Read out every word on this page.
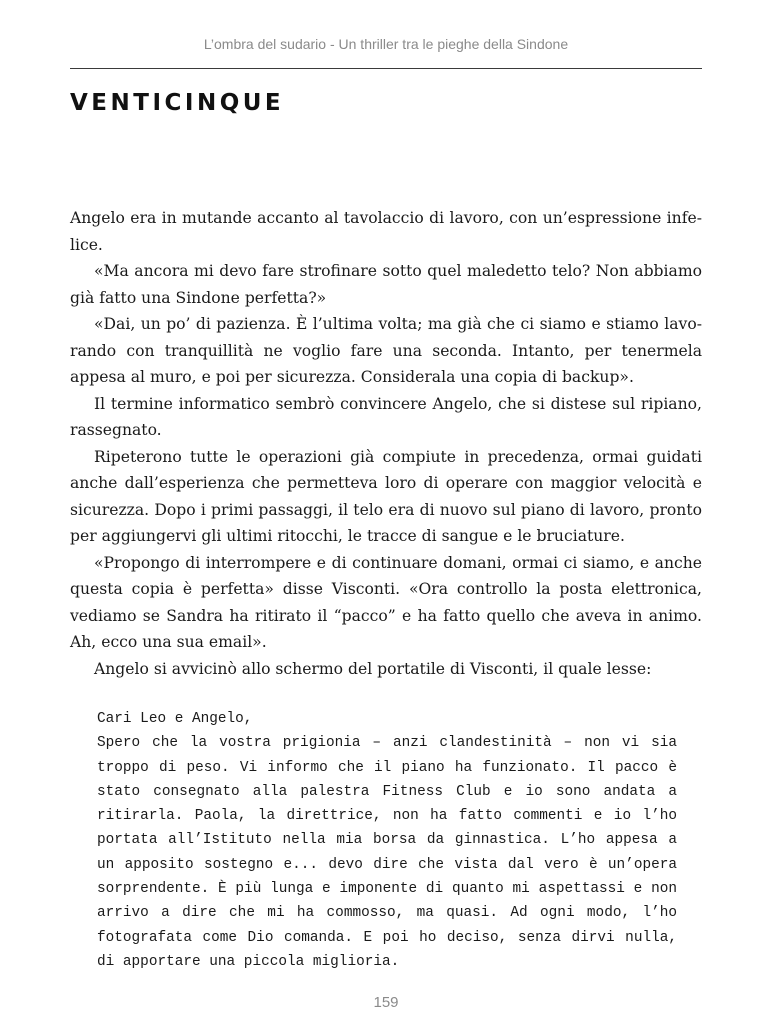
L’ombra del sudario - Un thriller tra le pieghe della Sindone
VENTICINQUE

Angelo era in mutande accanto al tavolaccio di lavoro, con un’espressione infelice.

«Ma ancora mi devo fare strofinare sotto quel maledetto telo? Non abbiamo già fatto una Sindone perfetta?»

«Dai, un po’ di pazienza. È l’ultima volta; ma già che ci siamo e stiamo lavorando con tranquillità ne voglio fare una seconda. Intanto, per tenermela appesa al muro, e poi per sicurezza. Considerala una copia di backup».

Il termine informatico sembrò convincere Angelo, che si distese sul ripiano, rassegnato.

Ripeterono tutte le operazioni già compiute in precedenza, ormai guidati anche dall’esperienza che permetteva loro di operare con maggior velocità e sicurezza. Dopo i primi passaggi, il telo era di nuovo sul piano di lavoro, pronto per aggiungervi gli ultimi ritocchi, le tracce di sangue e le bruciature.

«Propongo di interrompere e di continuare domani, ormai ci siamo, e anche questa copia è perfetta» disse Visconti. «Ora controllo la posta elettronica, vediamo se Sandra ha ritirato il “pacco” e ha fatto quello che aveva in animo. Ah, ecco una sua email».

Angelo si avvicinò allo schermo del portatile di Visconti, il quale lesse:

Cari Leo e Angelo,

Spero che la vostra prigionia – anzi clandestinità – non vi sia troppo di peso. Vi informo che il piano ha funzionato. Il pacco è stato consegnato alla palestra Fitness Club e io sono andata a ritirarla. Paola, la direttrice, non ha fatto commenti e io l’ho portata all’Istituto nella mia borsa da ginnastica. L’ho appesa a un apposito sostegno e... devo dire che vista dal vero è un’opera sorprendente. È più lunga e imponente di quanto mi aspettassi e non arrivo a dire che mi ha commosso, ma quasi. Ad ogni modo, l’ho fotografata come Dio comanda. E poi ho deciso, senza dirvi nulla, di apportare una piccola miglioria.

159
